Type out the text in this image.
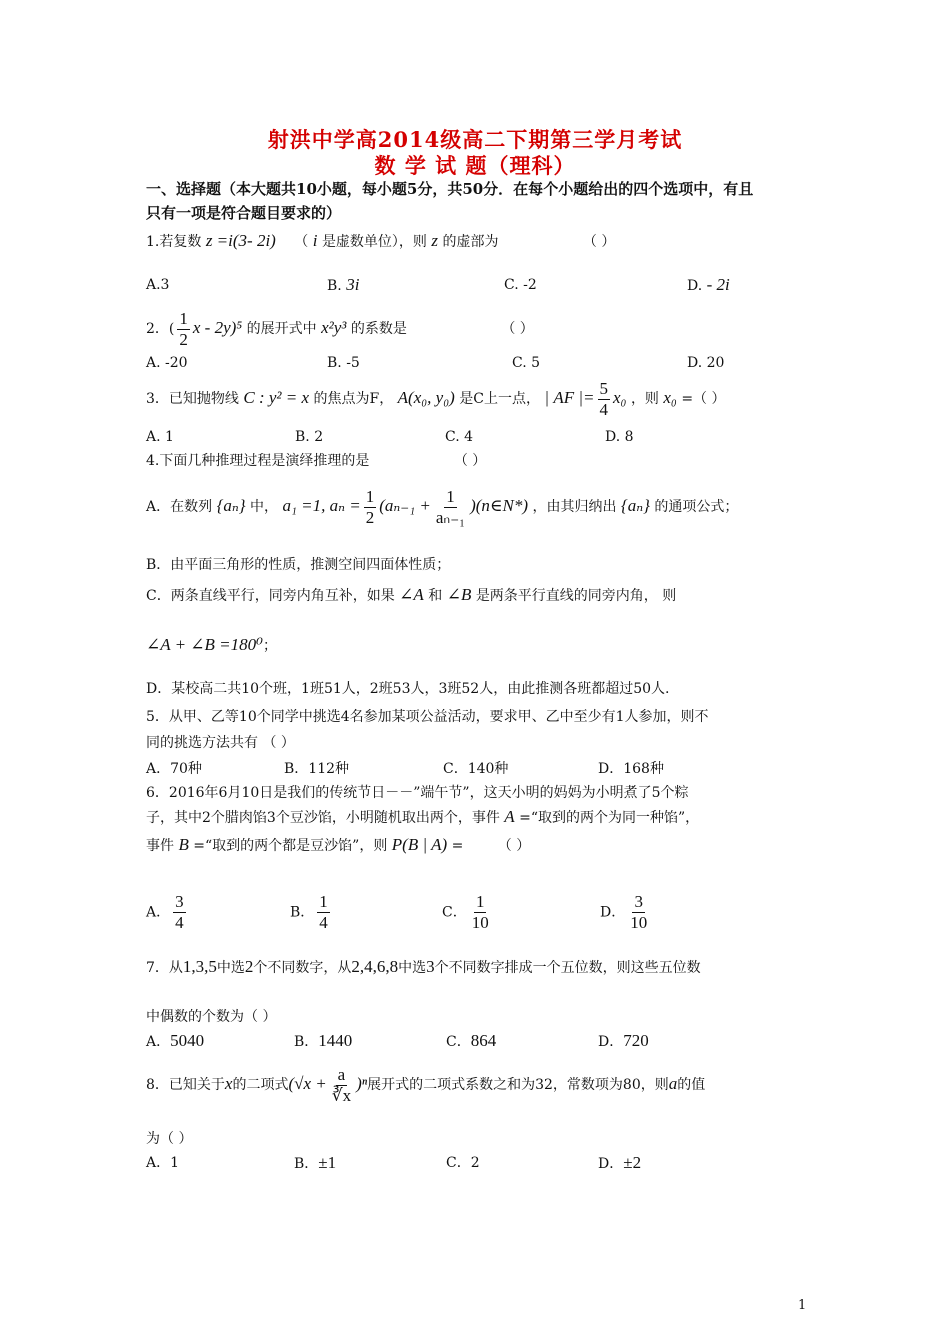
射洪中学高2014级高二下期第三学月考试
数 学 试 题（理科）
一、选择题（本大题共10小题，每小题5分，共50分．在每个小题给出的四个选项中，有且
只有一项是符合题目要求的）
1.若复数 z =i(3- 2i) （ i 是虚数单位），则 z 的虚部为	（ ）
A.3	B. 3i	C. -2	D. - 2i
2．( $\frac{1}{2}$ x - 2y)⁵ 的展开式中 x²y³ 的系数是	（ ）
A. -20	B. -5	C. 5	D. 20
3．已知抛物线 C : y² = x 的焦点为F， A(x₀, y₀) 是C上一点， | AF |= $\frac{5}{4} x_0$ ，则 x₀ =（ ）
A. 1	B. 2	C. 4	D. 8
4.下面几种推理过程是演绎推理的是	（ ）
A．在数列 {aₙ} 中， a₁ =1, $a_n = \frac{1}{2} (a_{n-1} + \frac{1}{\text{aₙ₋₁}}$ )(n∈N*) ，由其归纳出 {aₙ} 的通项公式；
B．由平面三角形的性质，推测空间四面体性质；
C．两条直线平行，同旁内角互补，如果 ∠A 和 ∠B 是两条平行直线的同旁内角， 则
∠A + ∠B =180⁰；
D．某校高二共10个班，1班51人，2班53人，3班52人，由此推测各班都超过50人.
5．从甲、乙等10个同学中挑选4名参加某项公益活动，要求甲、乙中至少有1人参加，则不
同的挑选方法共有 （ ）
A．70种	B．112种	C．140种	D．168种
6．2016年6月10日是我们的传统节日－－”端午节”，这天小明的妈妈为小明煮了5个粽
子，其中2个腊肉馅3个豆沙馅，小明随机取出两个，事件 A =“取到的两个为同一种馅”，
事件 B =“取到的两个都是豆沙馅”，则 P(B | A) = （ ）
A． $\frac{3}{4}$	B． $\frac{1}{4}$	C． $\frac{1}{10}$	D． $\frac{3}{10}$
7．从1,3,5中选2个不同数字，从2,4,6,8中选3个不同数字排成一个五位数，则这些五位数
中偶数的个数为（ ）
A．5040	B．1440	C．864	D．720
8．已知关于x的二项式$(√x + \frac{a}{∛x} )^n$展开式的二项式系数之和为32，常数项为80，则a的值
为（ ）
A．1	B．±1	C．2	D．±2
1
